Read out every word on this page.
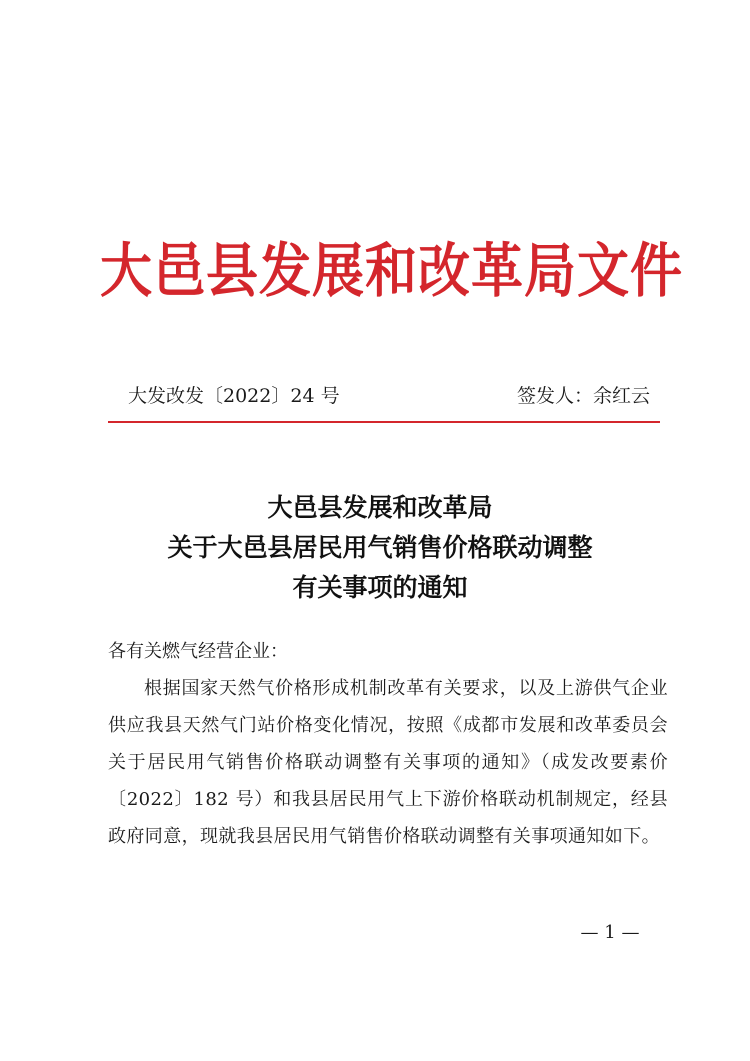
大邑县发展和改革局文件
大发改发〔2022〕24 号	签发人：余红云
大邑县发展和改革局
关于大邑县居民用气销售价格联动调整
有关事项的通知
各有关燃气经营企业：
根据国家天然气价格形成机制改革有关要求，以及上游供气企业供应我县天然气门站价格变化情况，按照《成都市发展和改革委员会关于居民用气销售价格联动调整有关事项的通知》（成发改要素价〔2022〕182 号）和我县居民用气上下游价格联动机制规定，经县政府同意，现就我县居民用气销售价格联动调整有关事项通知如下。
— 1 —
